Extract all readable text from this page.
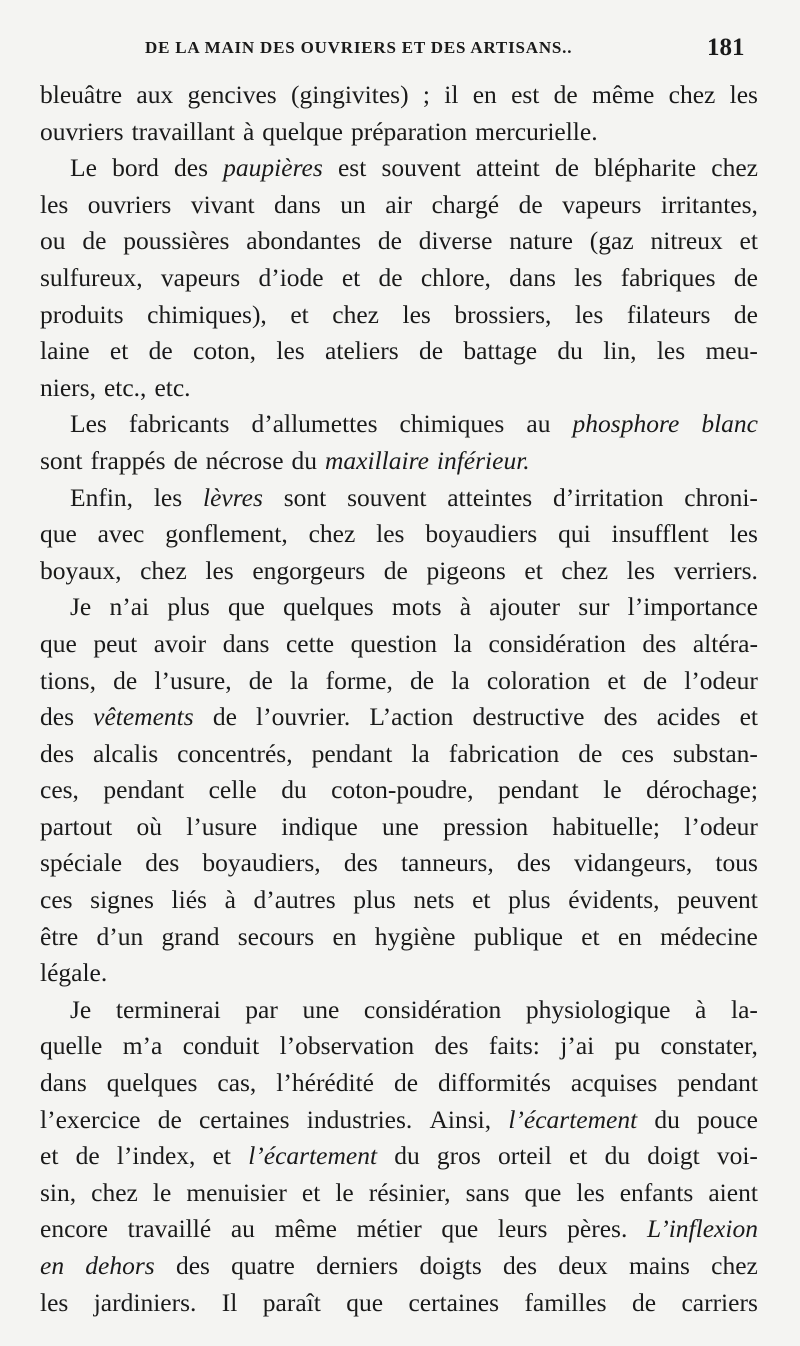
DE LA MAIN DES OUVRIERS ET DES ARTISANS..	181
bleuâtre aux gencives (gingivites) ; il en est de même chez les
ouvriers travaillant à quelque préparation mercurielle.
Le bord des paupières est souvent atteint de blépharite chez
les ouvriers vivant dans un air chargé de vapeurs irritantes,
ou de poussières abondantes de diverse nature (gaz nitreux et
sulfureux, vapeurs d’iode et de chlore, dans les fabriques de
produits chimiques), et chez les brossiers, les filateurs de
laine et de coton, les ateliers de battage du lin, les meu-
niers, etc., etc.
Les fabricants d’allumettes chimiques au phosphore blanc
sont frappés de nécrose du maxillaire inférieur.
Enfin, les lèvres sont souvent atteintes d’irritation chroni-
que avec gonflement, chez les boyaudiers qui insufflent les
boyaux, chez les engorgeurs de pigeons et chez les verriers.
Je n’ai plus que quelques mots à ajouter sur l’importance
que peut avoir dans cette question la considération des altéra-
tions, de l’usure, de la forme, de la coloration et de l’odeur
des vêtements de l’ouvrier. L’action destructive des acides et
des alcalis concentrés, pendant la fabrication de ces substan-
ces, pendant celle du coton-poudre, pendant le dérochage;
partout où l’usure indique une pression habituelle; l’odeur
spéciale des boyaudiers, des tanneurs, des vidangeurs, tous
ces signes liés à d’autres plus nets et plus évidents, peuvent
être d’un grand secours en hygiène publique et en médecine
légale.
Je terminerai par une considération physiologique à la-
quelle m’a conduit l’observation des faits: j’ai pu constater,
dans quelques cas, l’hérédité de difformités acquises pendant
l’exercice de certaines industries. Ainsi, l’écartement du pouce
et de l’index, et l’écartement du gros orteil et du doigt voi-
sin, chez le menuisier et le résinier, sans que les enfants aient
encore travaillé au même métier que leurs pères. L’inflexion
en dehors des quatre derniers doigts des deux mains chez
les jardiniers. Il paraît que certaines familles de carriers
